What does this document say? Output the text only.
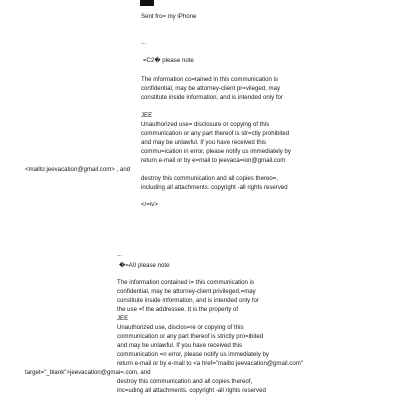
Sent fro= my iPhone
...
=C2� please note
The information co=tained in this communication is
confidential, may be attorney-client pr=vileged, may
constitute inside information, and is intended only for
JEE
Unauthorized use= disclosure or copying of this
communication or any part thereof is str=ctly prohibited
and may be unlawful. If you have received this
commu=ication in error, please notify us immediately by
return e-mail or by e=mail to jeevaca=ion@gmail.com
<mailto:jeevacation@gmail.com> , and
destroy this communication and all copies thereo=,
including all attachments. copyright -all rights reserved
</=iv>
...
�=A0 please note
The information contained i= this communication is
confidential, may be attorney-client privileged,=may
constitute inside information, and is intended only for
the use =f the addressee. It is the property of
JEE
Unauthorized use, disclos=re or copying of this
communication or any part thereof is strictly pro=ibited
and may be unlawful. If you have received this
communication =n error, please notify us immediately by
return e-mail or by e-mail to <a href="mailto:jeevacation@gmail.com"
target="_blank">jeevacation@gmai=.com, and
destroy this communication and all copies thereof,
inc=uding all attachments. copyright -all rights reserved
